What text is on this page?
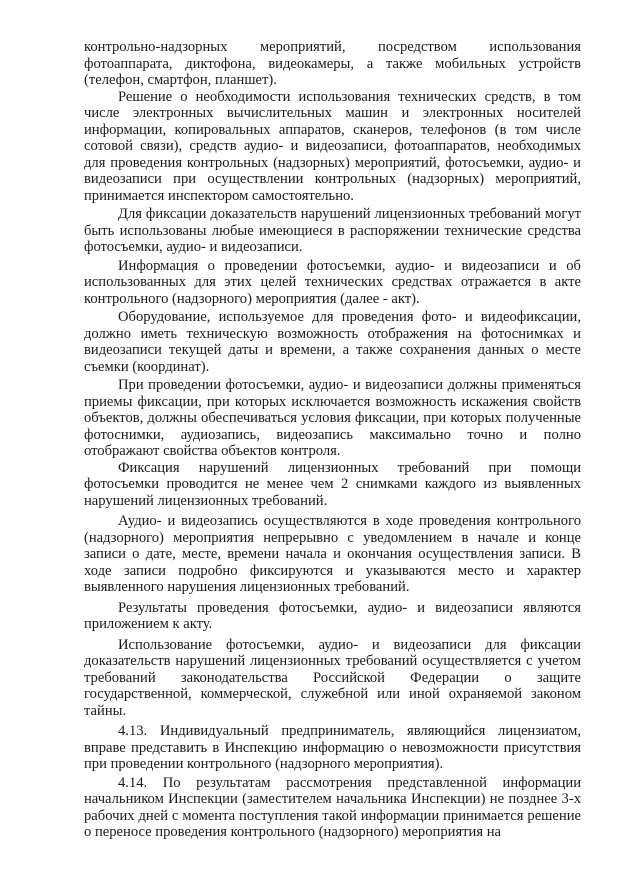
контрольно-надзорных мероприятий, посредством использования фотоаппарата, диктофона, видеокамеры, а также мобильных устройств (телефон, смартфон, планшет).

Решение о необходимости использования технических средств, в том числе электронных вычислительных машин и электронных носителей информации, копировальных аппаратов, сканеров, телефонов (в том числе сотовой связи), средств аудио- и видеозаписи, фотоаппаратов, необходимых для проведения контрольных (надзорных) мероприятий, фотосъемки, аудио- и видеозаписи при осуществлении контрольных (надзорных) мероприятий, принимается инспектором самостоятельно.

Для фиксации доказательств нарушений лицензионных требований могут быть использованы любые имеющиеся в распоряжении технические средства фотосъемки, аудио- и видеозаписи.

Информация о проведении фотосъемки, аудио- и видеозаписи и об использованных для этих целей технических средствах отражается в акте контрольного (надзорного) мероприятия (далее - акт).

Оборудование, используемое для проведения фото- и видеофиксации, должно иметь техническую возможность отображения на фотоснимках и видеозаписи текущей даты и времени, а также сохранения данных о месте съемки (координат).

При проведении фотосъемки, аудио- и видеозаписи должны применяться приемы фиксации, при которых исключается возможность искажения свойств объектов, должны обеспечиваться условия фиксации, при которых полученные фотоснимки, аудиозапись, видеозапись максимально точно и полно отображают свойства объектов контроля.

Фиксация нарушений лицензионных требований при помощи фотосъемки проводится не менее чем 2 снимками каждого из выявленных нарушений лицензионных требований.

Аудио- и видеозапись осуществляются в ходе проведения контрольного (надзорного) мероприятия непрерывно с уведомлением в начале и конце записи о дате, месте, времени начала и окончания осуществления записи. В ходе записи подробно фиксируются и указываются место и характер выявленного нарушения лицензионных требований.

Результаты проведения фотосъемки, аудио- и видеозаписи являются приложением к акту.

Использование фотосъемки, аудио- и видеозаписи для фиксации доказательств нарушений лицензионных требований осуществляется с учетом требований законодательства Российской Федерации о защите государственной, коммерческой, служебной или иной охраняемой законом тайны.

4.13. Индивидуальный предприниматель, являющийся лицензиатом, вправе представить в Инспекцию информацию о невозможности присутствия при проведении контрольного (надзорного мероприятия).

4.14. По результатам рассмотрения представленной информации начальником Инспекции (заместителем начальника Инспекции) не позднее 3-х рабочих дней с момента поступления такой информации принимается решение о переносе проведения контрольного (надзорного) мероприятия на
